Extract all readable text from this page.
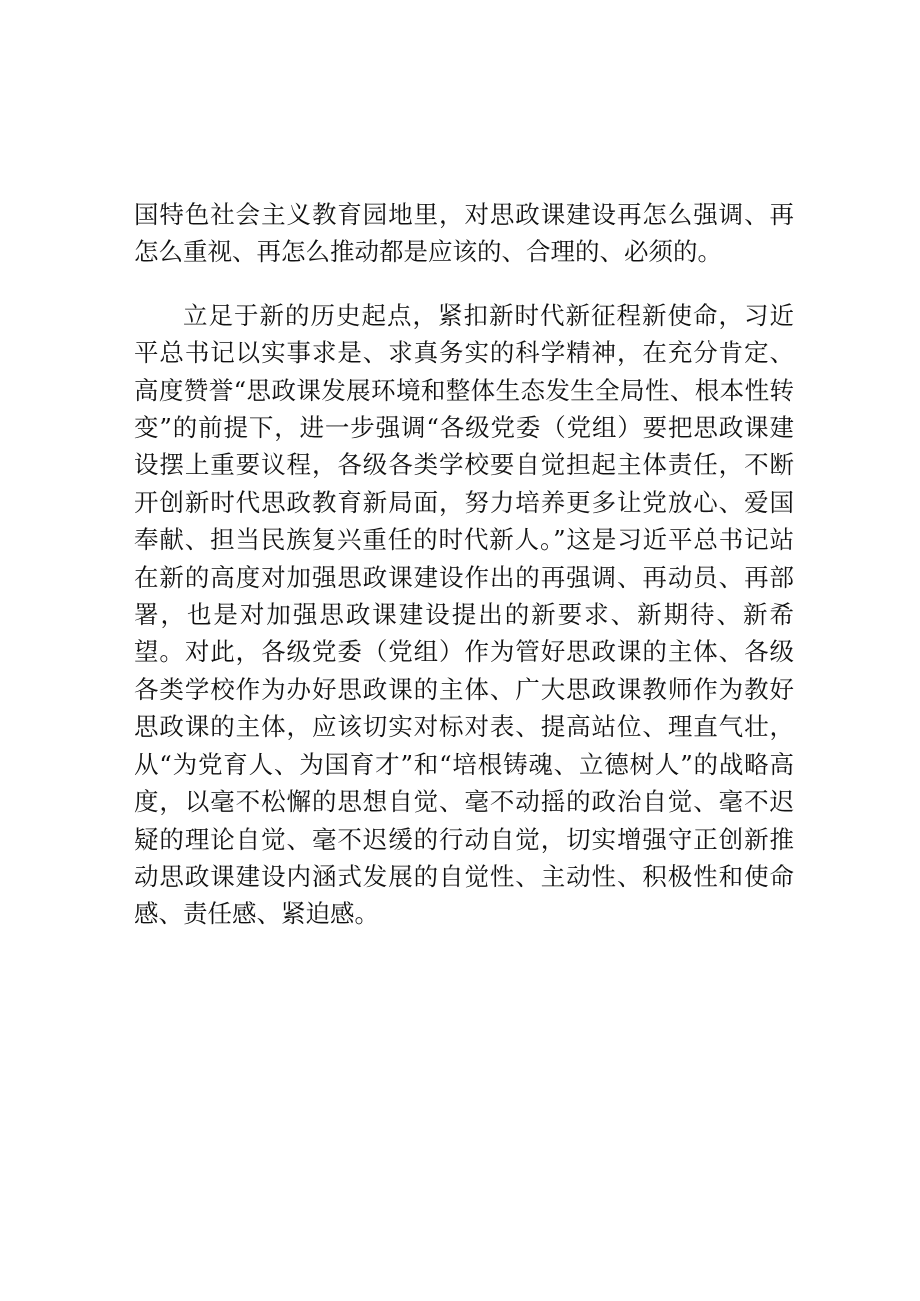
国特色社会主义教育园地里，对思政课建设再怎么强调、再怎么重视、再怎么推动都是应该的、合理的、必须的。

立足于新的历史起点，紧扣新时代新征程新使命，习近平总书记以实事求是、求真务实的科学精神，在充分肯定、高度赞誉“思政课发展环境和整体生态发生全局性、根本性转变”的前提下，进一步强调“各级党委（党组）要把思政课建设摆上重要议程，各级各类学校要自觉担起主体责任，不断开创新时代思政教育新局面，努力培养更多让党放心、爱国奉献、担当民族复兴重任的时代新人。”这是习近平总书记站在新的高度对加强思政课建设作出的再强调、再动员、再部署，也是对加强思政课建设提出的新要求、新期待、新希望。对此，各级党委（党组）作为管好思政课的主体、各级各类学校作为办好思政课的主体、广大思政课教师作为教好思政课的主体，应该切实对标对表、提高站位、理直气壮，从“为党育人、为国育才”和“培根铸魂、立德树人”的战略高度，以毫不松懈的思想自觉、毫不动摇的政治自觉、毫不迟疑的理论自觉、毫不迟缓的行动自觉，切实增强守正创新推动思政课建设内涵式发展的自觉性、主动性、积极性和使命感、责任感、紧迫感。
